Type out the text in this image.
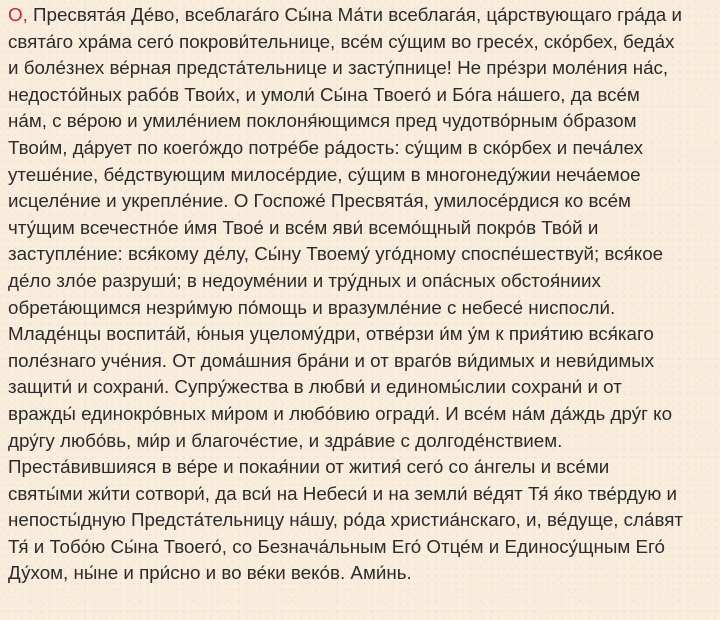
О, Пресвята́я Де́во, всеблага́го Сы́на Ма́ти всеблага́я, ца́рствующаго гра́да и
свята́го хра́ма сего́ покрови́тельнице, все́м су́щим во гресе́х, ско́рбех, беда́х
и боле́знех ве́рная предста́тельнице и засту́пнице! Не пре́зри моле́ния на́с,
недосто́йных рабо́в Твои́х, и умоли́ Сы́на Твоего́ и Бо́га на́шего, да все́м
на́м, с ве́рою и умиле́нием поклоня́ющимся пред чудотво́рным о́бразом
Твои́м, да́рует по коего́ждо потре́бе ра́дость: су́щим в ско́рбех и печа́лех
утеше́ние, бе́дствующим милосе́рдие, су́щим в многонеду́жии неча́емое
исцеле́ние и укрепле́ние. О Госпоже́ Пресвята́я, умилосе́рдися ко все́м
чту́щим всечестно́е и́мя Твое́ и все́м яви́ всемо́щный покро́в Тво́й и
заступле́ние: вся́кому де́лу, Сы́ну Твоему́ уго́дному споспе́шествуй; вся́кое
де́ло зло́е разруши́; в недоуме́нии и тру́дных и опа́сных обстоя́ниих
обрета́ющимся незри́мую по́мощь и вразумле́ние с небесе́ ниспосли́.
Младе́нцы воспита́й, ю́ныя уцелому́дри, отве́рзи и́м у́м к прия́тию вся́каго
поле́знаго уче́ния. От дома́шния бра́ни и от враго́в ви́димых и неви́димых
защити́ и сохрани́. Супру́жества в любви́ и единомы́слии сохрани́ и от
вражды́ единокро́вных ми́ром и любо́вию огради́. И все́м на́м да́ждь дру́г ко
дру́гу любо́вь, ми́р и благоче́стие, и здра́вие с долгоде́нствием.
Преста́вившияся в ве́ре и покая́нии от жития́ сего́ со а́нгелы и все́ми
святы́ми жи́ти сотвори́, да вси́ на Небеси́ и на земли́ ве́дят Тя́ я́ко тве́рдую и
непосты́дную Предста́тельницу на́шу, ро́да христиа́нскаго, и, ве́дуще, сла́вят
Тя́ и Тобо́ю Сы́на Твоего́, со Безнача́льным Его́ Отце́м и Единосу́щным Его́
Ду́хом, ны́не и при́сно и во ве́ки веко́в. Ами́нь.
